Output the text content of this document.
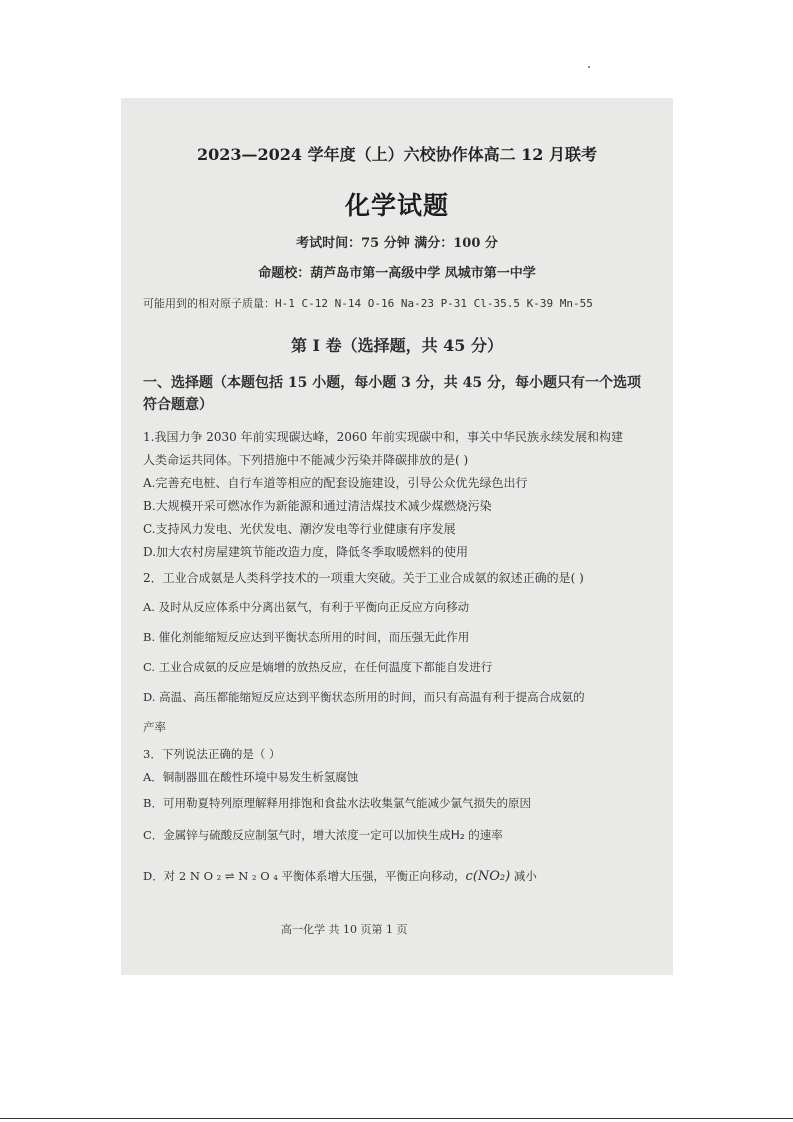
2023—2024 学年度（上）六校协作体高二 12 月联考
化学试题
考试时间：75 分钟 满分：100 分
命题校：葫芦岛市第一高级中学 凤城市第一中学
可能用到的相对原子质量：H-1 C-12 N-14 O-16 Na-23 P-31 Cl-35.5 K-39 Mn-55
第 I 卷（选择题，共 45 分）
一、选择题（本题包括 15 小题，每小题 3 分，共 45 分，每小题只有一个选项符合题意）
1.我国力争 2030 年前实现碳达峰，2060 年前实现碳中和，事关中华民族永续发展和构建
人类命运共同体。下列措施中不能减少污染并降碳排放的是( )
A.完善充电桩、自行车道等相应的配套设施建设，引导公众优先绿色出行
B.大规模开采可燃冰作为新能源和通过清洁煤技术减少煤燃烧污染
C.支持风力发电、光伏发电、潮汐发电等行业健康有序发展
D.加大农村房屋建筑节能改造力度，降低冬季取暖燃料的使用
2．工业合成氨是人类科学技术的一项重大突破。关于工业合成氨的叙述正确的是( )
A. 及时从反应体系中分离出氨气，有利于平衡向正反应方向移动
B. 催化剂能缩短反应达到平衡状态所用的时间，而压强无此作用
C. 工业合成氨的反应是熵增的放热反应，在任何温度下都能自发进行
D. 高温、高压都能缩短反应达到平衡状态所用的时间，而只有高温有利于提高合成氨的
产率
3．下列说法正确的是（ ）
A．铜制器皿在酸性环境中易发生析氢腐蚀
B．可用勒夏特列原理解释用排饱和食盐水法收集氯气能减少氯气损失的原因
C．金属锌与硫酸反应制氢气时，增大浓度一定可以加快生成H₂ 的速率
D．对 2 N O ₂ ⇌ N ₂ O ₄ 平衡体系增大压强，平衡正向移动，c(NO₂) 减小
高一化学 共 10 页第 1 页
